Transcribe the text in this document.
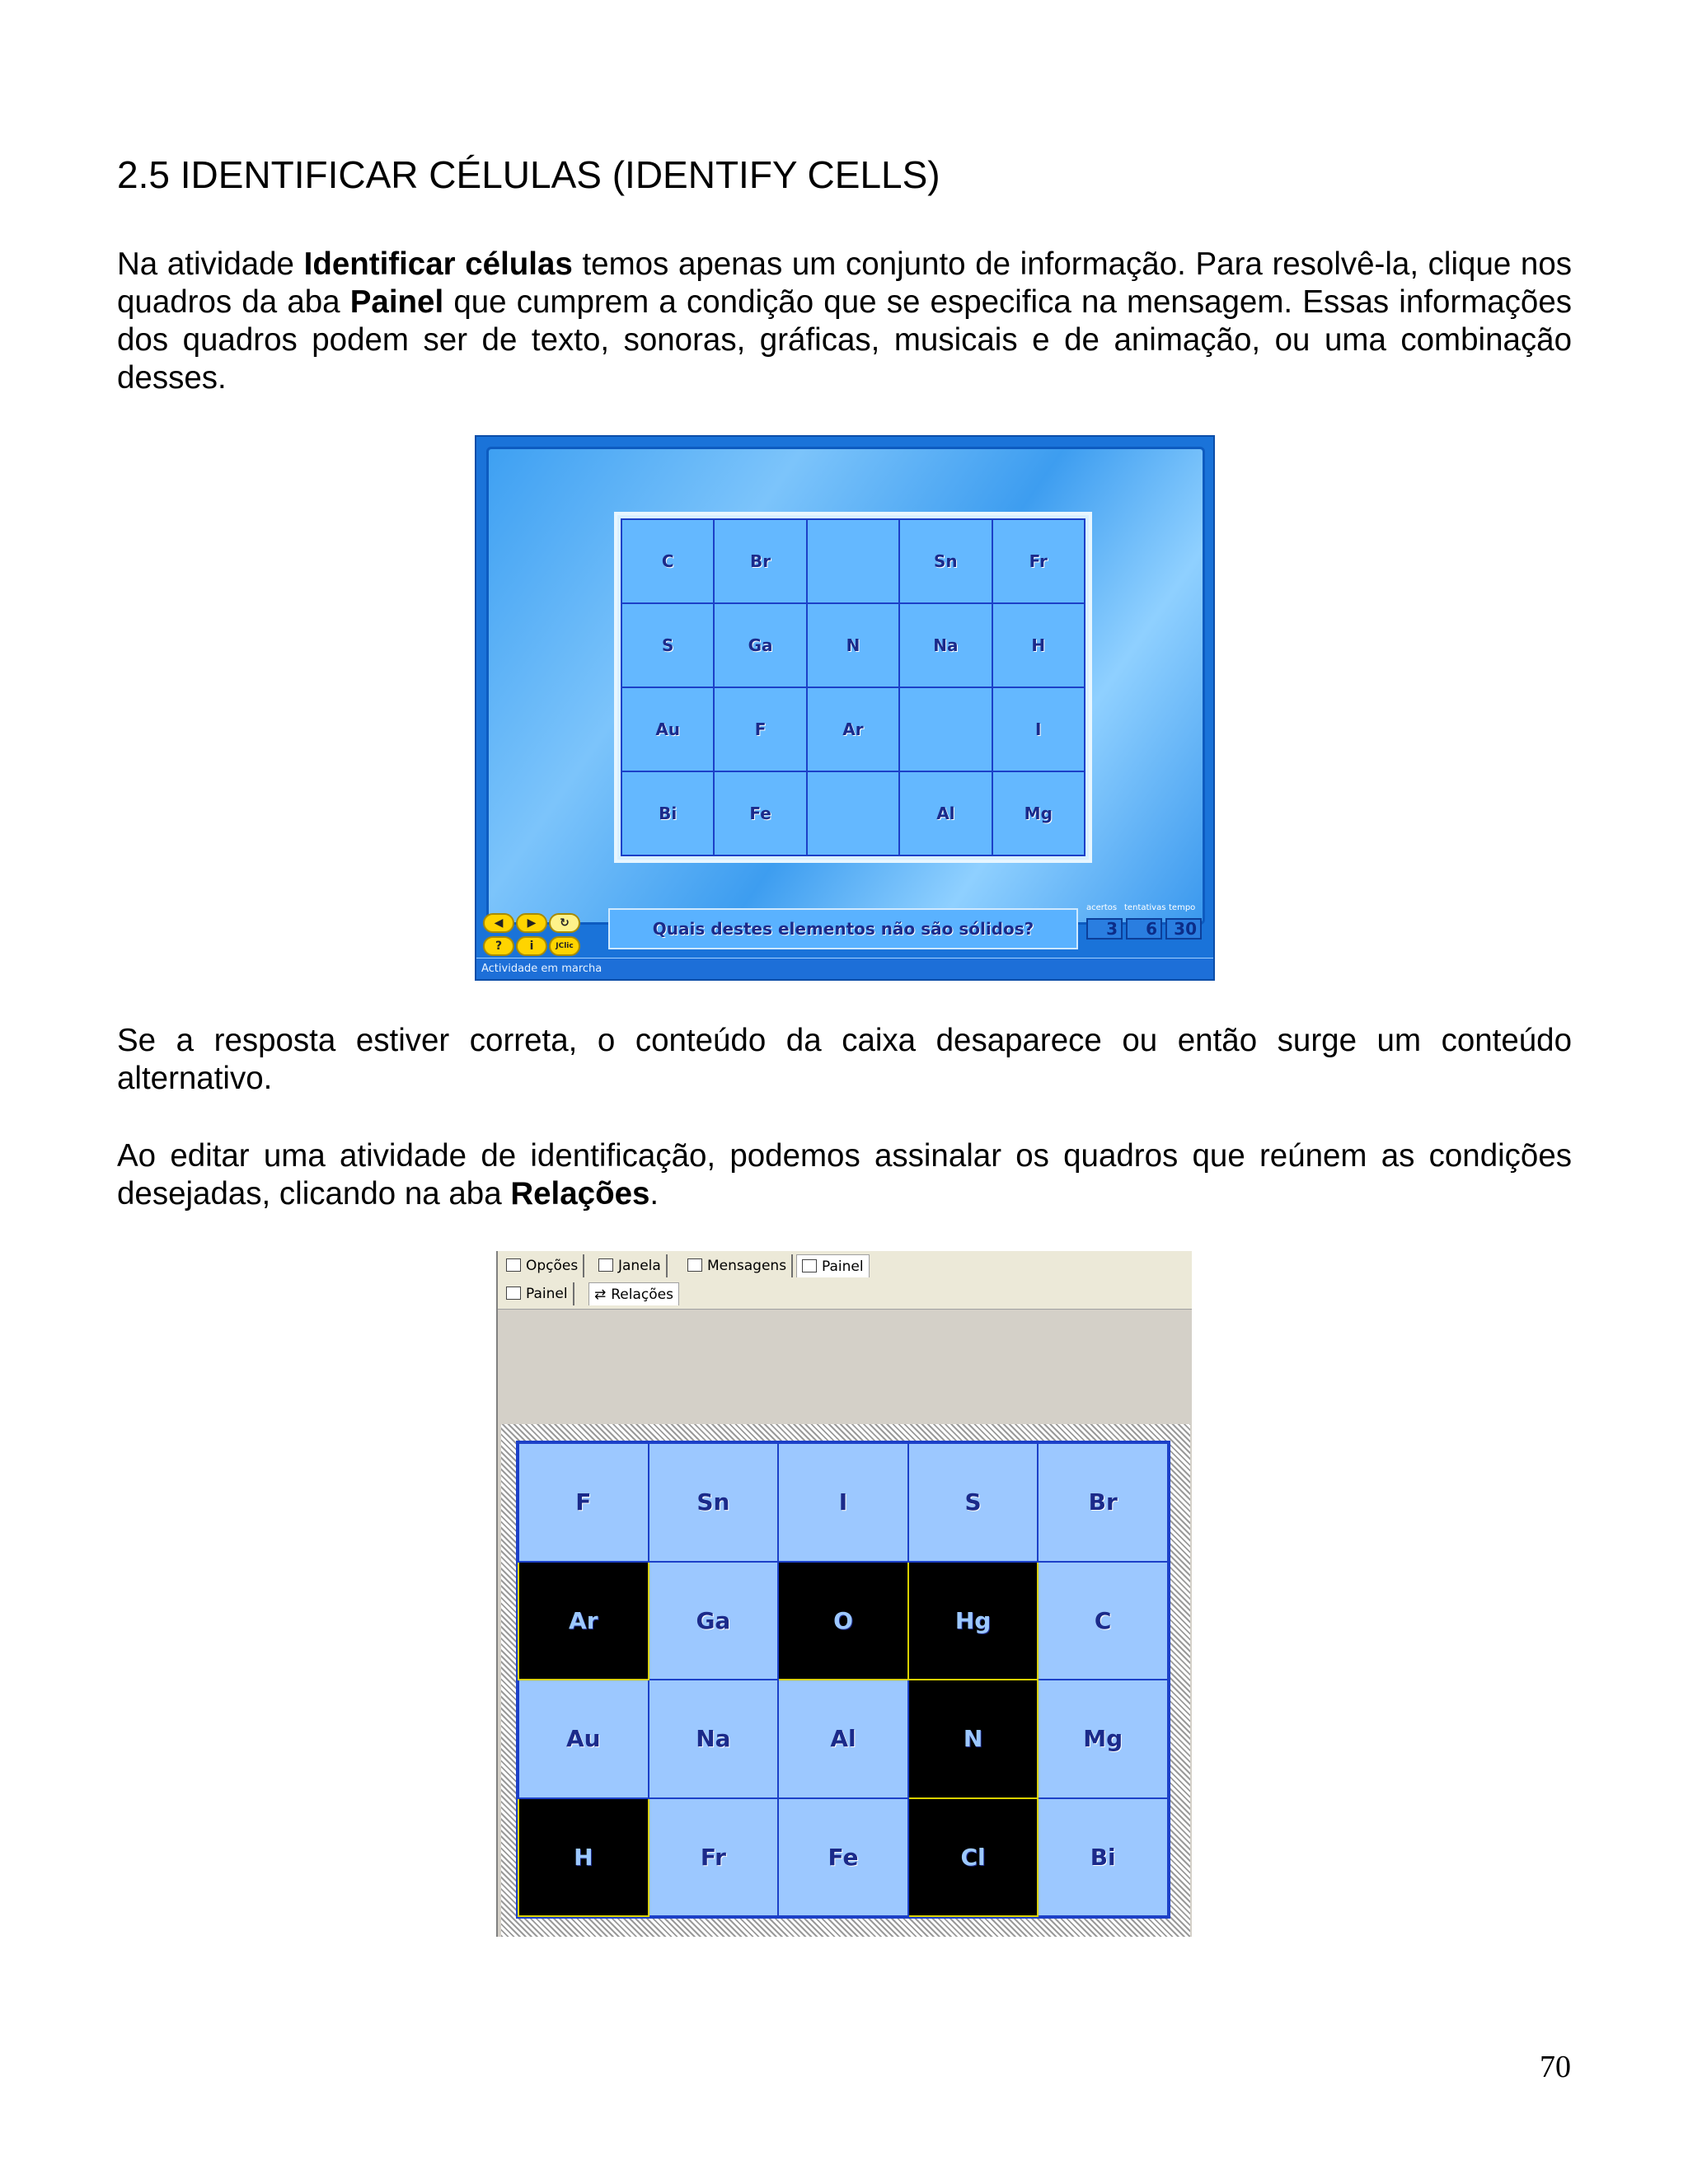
2.5 IDENTIFICAR CÉLULAS (IDENTIFY CELLS)

Na atividade Identificar células temos apenas um conjunto de informação. Para resolvê-la, clique nos quadros da aba Painel que cumprem a condição que se especifica na mensagem. Essas informações dos quadros podem ser de texto, sonoras, gráficas, musicais e de animação, ou uma combinação desses.

C	Br		Sn	Fr
S	Ga	N	Na	H
Au	F	Ar		I
Bi	Fe		Al	Mg
◀	▶	↻
?	i	JClic
Quais destes elementos não são sólidos?
acertos tentativas tempo
3	6	30
Actividade em marcha

Se a resposta estiver correta, o conteúdo da caixa desaparece ou então surge um conteúdo alternativo.

Ao editar uma atividade de identificação, podemos assinalar os quadros que reúnem as condições desejadas, clicando na aba Relações.

Opções	Janela	Mensagens	Painel
Painel	⇄ Relações
F	Sn	I	S	Br
Ar	Ga	O	Hg	C
Au	Na	Al	N	Mg
H	Fr	Fe	Cl	Bi
70
